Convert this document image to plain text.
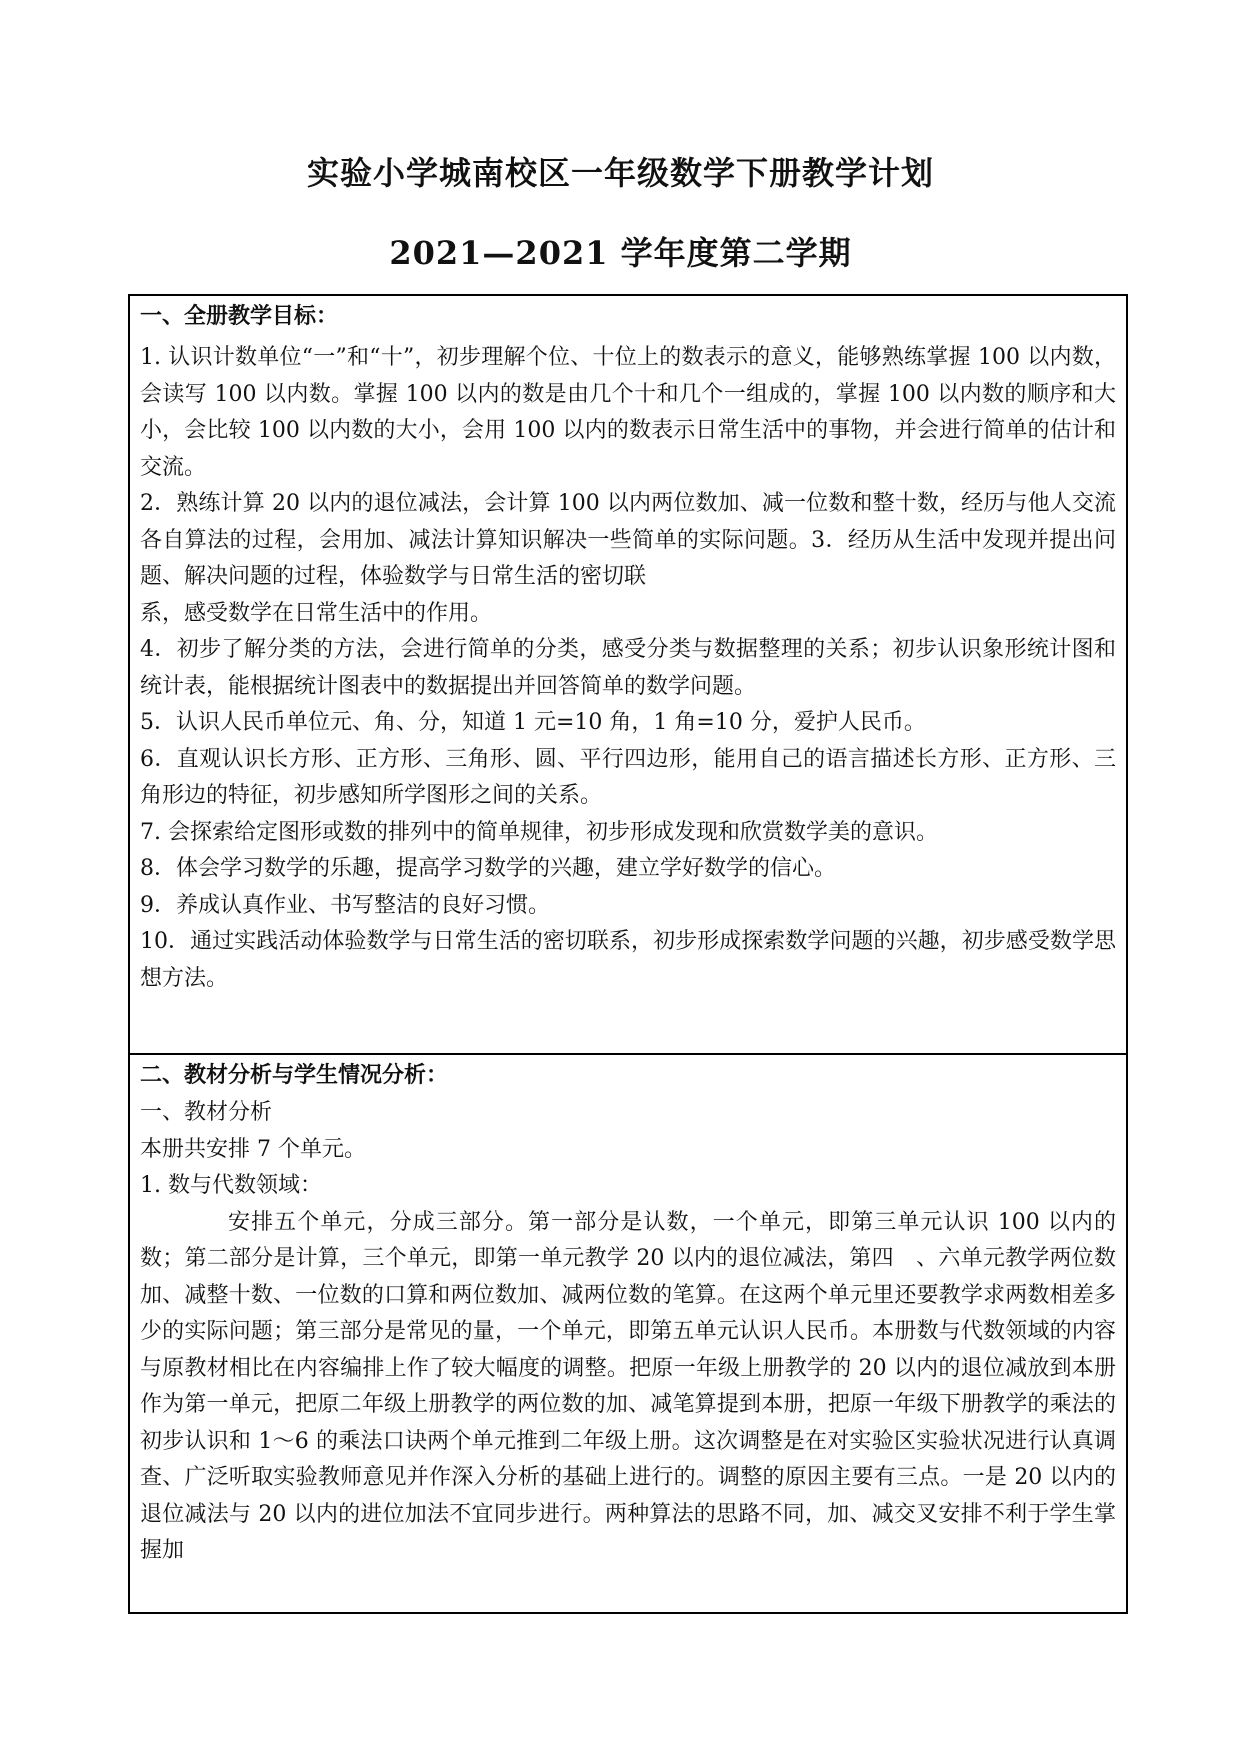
实验小学城南校区一年级数学下册教学计划
2021—2021 学年度第二学期
一、全册教学目标：

1. 认识计数单位“一”和“十”，初步理解个位、十位上的数表示的意义，能够熟练掌握 100 以内数，会读写 100 以内数。掌握 100 以内的数是由几个十和几个一组成的，掌握 100 以内数的顺序和大小，会比较 100 以内数的大小，会用 100 以内的数表示日常生活中的事物，并会进行简单的估计和交流。

2．熟练计算 20 以内的退位减法，会计算 100 以内两位数加、减一位数和整十数，经历与他人交流各自算法的过程，会用加、减法计算知识解决一些简单的实际问题。3．经历从生活中发现并提出问题、解决问题的过程，体验数学与日常生活的密切联

系，感受数学在日常生活中的作用。

4．初步了解分类的方法，会进行简单的分类，感受分类与数据整理的关系；初步认识象形统计图和统计表，能根据统计图表中的数据提出并回答简单的数学问题。

5．认识人民币单位元、角、分，知道 1 元=10 角，1 角=10 分，爱护人民币。

6．直观认识长方形、正方形、三角形、圆、平行四边形，能用自己的语言描述长方形、正方形、三角形边的特征，初步感知所学图形之间的关系。

7. 会探索给定图形或数的排列中的简单规律，初步形成发现和欣赏数学美的意识。

8．体会学习数学的乐趣，提高学习数学的兴趣，建立学好数学的信心。

9．养成认真作业、书写整洁的良好习惯。

10．通过实践活动体验数学与日常生活的密切联系，初步形成探索数学问题的兴趣，初步感受数学思想方法。

二、教材分析与学生情况分析：

一、教材分析

本册共安排 7 个单元。

1. 数与代数领域：

安排五个单元，分成三部分。第一部分是认数，一个单元，即第三单元认识 100 以内的数；第二部分是计算，三个单元，即第一单元教学 20 以内的退位减法，第四　、六单元教学两位数加、减整十数、一位数的口算和两位数加、减两位数的笔算。在这两个单元里还要教学求两数相差多少的实际问题；第三部分是常见的量，一个单元，即第五单元认识人民币。本册数与代数领域的内容与原教材相比在内容编排上作了较大幅度的调整。把原一年级上册教学的 20 以内的退位减放到本册作为第一单元，把原二年级上册教学的两位数的加、减笔算提到本册，把原一年级下册教学的乘法的初步认识和 1～6 的乘法口诀两个单元推到二年级上册。这次调整是在对实验区实验状况进行认真调查、广泛听取实验教师意见并作深入分析的基础上进行的。调整的原因主要有三点。一是 20 以内的退位减法与 20 以内的进位加法不宜同步进行。两种算法的思路不同，加、减交叉安排不利于学生掌握加
